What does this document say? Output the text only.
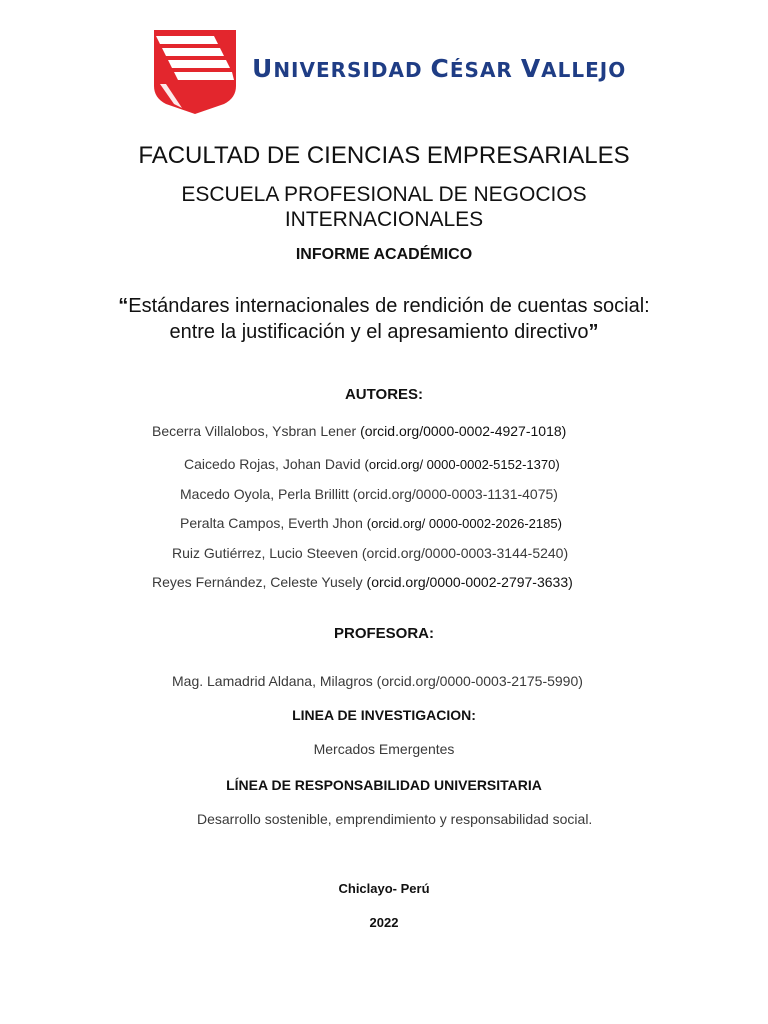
UNIVERSIDAD CÉSAR VALLEJO
FACULTAD DE CIENCIAS EMPRESARIALES
ESCUELA PROFESIONAL DE NEGOCIOS
INTERNACIONALES
INFORME ACADÉMICO
“Estándares internacionales de rendición de cuentas social:
entre la justificación y el apresamiento directivo”
AUTORES:
Becerra Villalobos, Ysbran Lener (orcid.org/0000-0002-4927-1018)
Caicedo Rojas, Johan David (orcid.org/ 0000-0002-5152-1370)
Macedo Oyola, Perla Brillitt (orcid.org/0000-0003-1131-4075)
Peralta Campos, Everth Jhon (orcid.org/ 0000-0002-2026-2185)
Ruiz Gutiérrez, Lucio Steeven (orcid.org/0000-0003-3144-5240)
Reyes Fernández, Celeste Yusely (orcid.org/0000-0002-2797-3633)
PROFESORA:
Mag. Lamadrid Aldana, Milagros (orcid.org/0000-0003-2175-5990)
LINEA DE INVESTIGACION:
Mercados Emergentes
LÍNEA DE RESPONSABILIDAD UNIVERSITARIA
Desarrollo sostenible, emprendimiento y responsabilidad social.
Chiclayo- Perú
2022
